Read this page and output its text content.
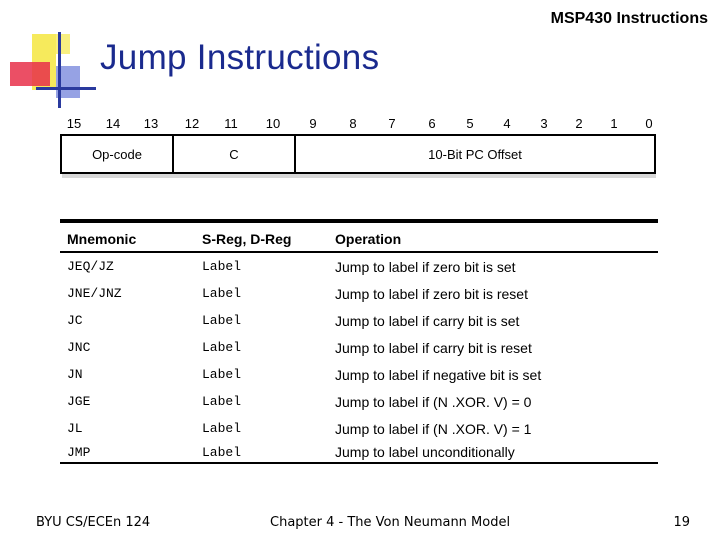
MSP430 Instructions
Jump Instructions
15	14	13	12	11	10	9	8	7	6	5	4	3	2	1	0
Op-code	C	10-Bit PC Offset
Mnemonic	S-Reg, D-Reg	Operation
JEQ/JZ	Label	Jump to label if zero bit is set
JNE/JNZ	Label	Jump to label if zero bit is reset
JC	Label	Jump to label if carry bit is set
JNC	Label	Jump to label if carry bit is reset
JN	Label	Jump to label if negative bit is set
JGE	Label	Jump to label if (N .XOR. V) = 0
JL	Label	Jump to label if (N .XOR. V) = 1
JMP	Label	Jump to label unconditionally
BYU CS/ECEn 124	Chapter 4 - The Von Neumann Model	19
